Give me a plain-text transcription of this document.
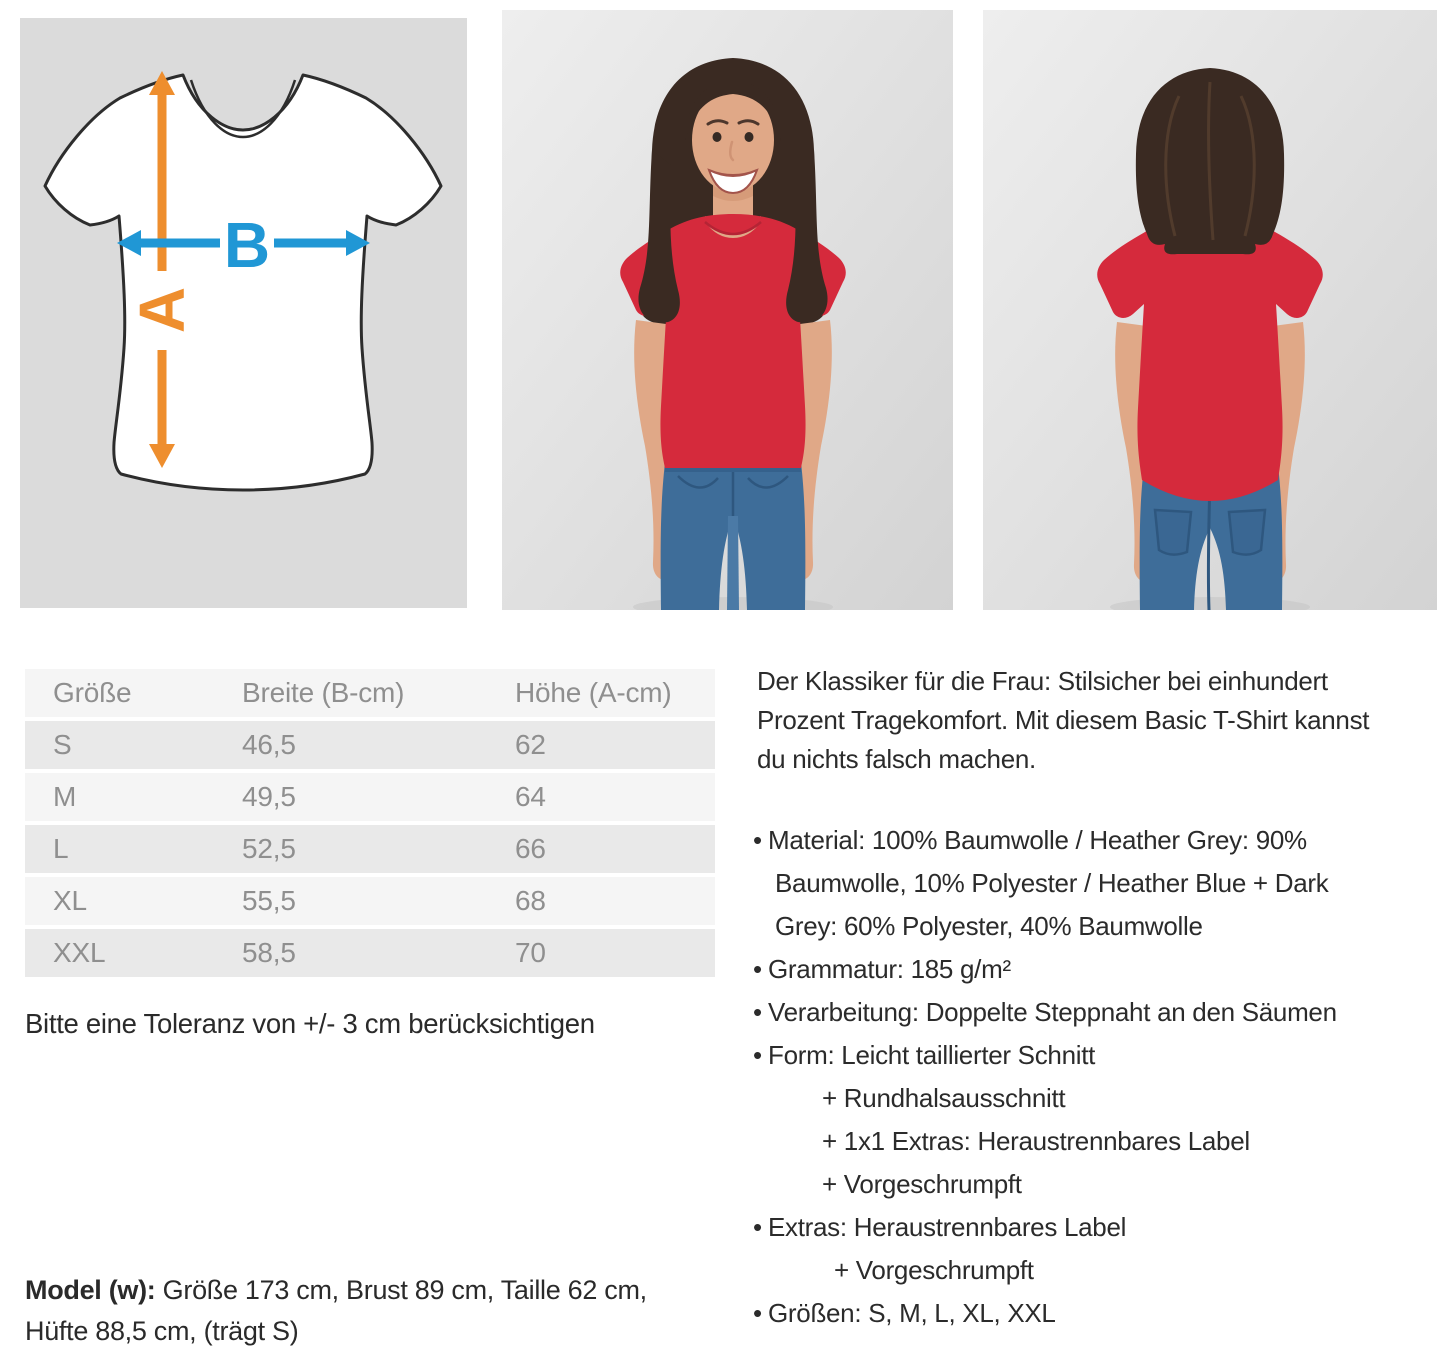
A
B
Größe	Breite (B-cm)	Höhe (A-cm)
S	46,5	62
M	49,5	64
L	52,5	66
XL	55,5	68
XXL	58,5	70
Bitte eine Toleranz von +/- 3 cm berücksichtigen
Model (w): Größe 173 cm, Brust 89 cm, Taille 62 cm,
Hüfte 88,5 cm, (trägt S)
Der Klassiker für die Frau: Stilsicher bei einhundert
Prozent Tragekomfort. Mit diesem Basic T-Shirt kannst
du nichts falsch machen.
• Material: 100% Baumwolle / Heather Grey: 90%
Baumwolle, 10% Polyester / Heather Blue + Dark
Grey: 60% Polyester, 40% Baumwolle
• Grammatur: 185 g/m²
• Verarbeitung: Doppelte Steppnaht an den Säumen
• Form: Leicht taillierter Schnitt
+ Rundhalsausschnitt
+ 1x1 Extras: Heraustrennbares Label
+ Vorgeschrumpft
• Extras: Heraustrennbares Label
+ Vorgeschrumpft
• Größen: S, M, L, XL, XXL
